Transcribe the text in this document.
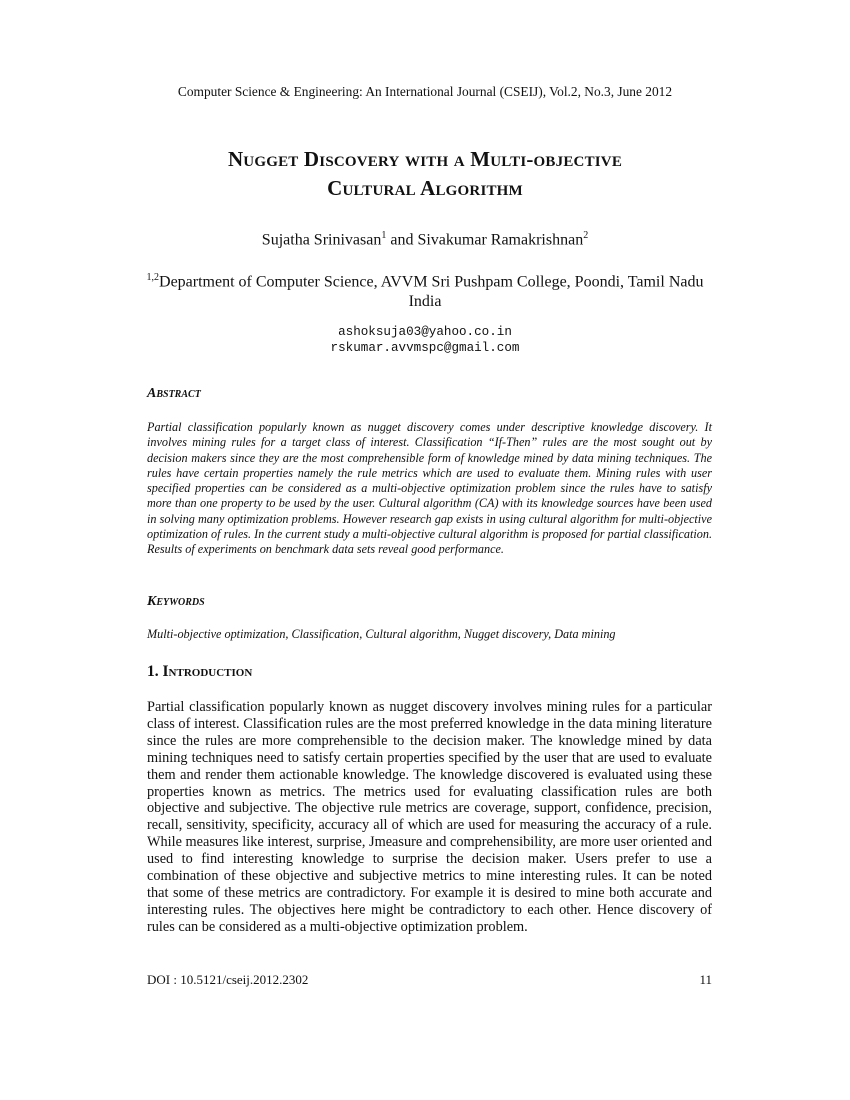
Computer Science & Engineering: An International Journal (CSEIJ), Vol.2, No.3, June 2012
Nugget Discovery with a Multi-objective
Cultural Algorithm
Sujatha Srinivasan$^1$ and Sivakumar Ramakrishnan$^2$
$^{1,2}$Department of Computer Science, AVVM Sri Pushpam College, Poondi, Tamil Nadu India
ashoksuja03@yahoo.co.in
rskumar.avvmspc@gmail.com
Abstract
Partial classification popularly known as nugget discovery comes under descriptive knowledge discovery. It involves mining rules for a target class of interest. Classification “If-Then” rules are the most sought out by decision makers since they are the most comprehensible form of knowledge mined by data mining techniques. The rules have certain properties namely the rule metrics which are used to evaluate them. Mining rules with user specified properties can be considered as a multi-objective optimization problem since the rules have to satisfy more than one property to be used by the user. Cultural algorithm (CA) with its knowledge sources have been used in solving many optimization problems. However research gap exists in using cultural algorithm for multi-objective optimization of rules. In the current study a multi-objective cultural algorithm is proposed for partial classification. Results of experiments on benchmark data sets reveal good performance.
Keywords
Multi-objective optimization, Classification, Cultural algorithm, Nugget discovery, Data mining
1. Introduction
Partial classification popularly known as nugget discovery involves mining rules for a particular class of interest. Classification rules are the most preferred knowledge in the data mining literature since the rules are more comprehensible to the decision maker. The knowledge mined by data mining techniques need to satisfy certain properties specified by the user that are used to evaluate them and render them actionable knowledge. The knowledge discovered is evaluated using these properties known as metrics. The metrics used for evaluating classification rules are both objective and subjective. The objective rule metrics are coverage, support, confidence, precision, recall, sensitivity, specificity, accuracy all of which are used for measuring the accuracy of a rule. While measures like interest, surprise, Jmeasure and comprehensibility, are more user oriented and used to find interesting knowledge to surprise the decision maker. Users prefer to use a combination of these objective and subjective metrics to mine interesting rules. It can be noted that some of these metrics are contradictory. For example it is desired to mine both accurate and interesting rules. The objectives here might be contradictory to each other. Hence discovery of rules can be considered as a multi-objective optimization problem.
DOI : 10.5121/cseij.2012.2302	11
